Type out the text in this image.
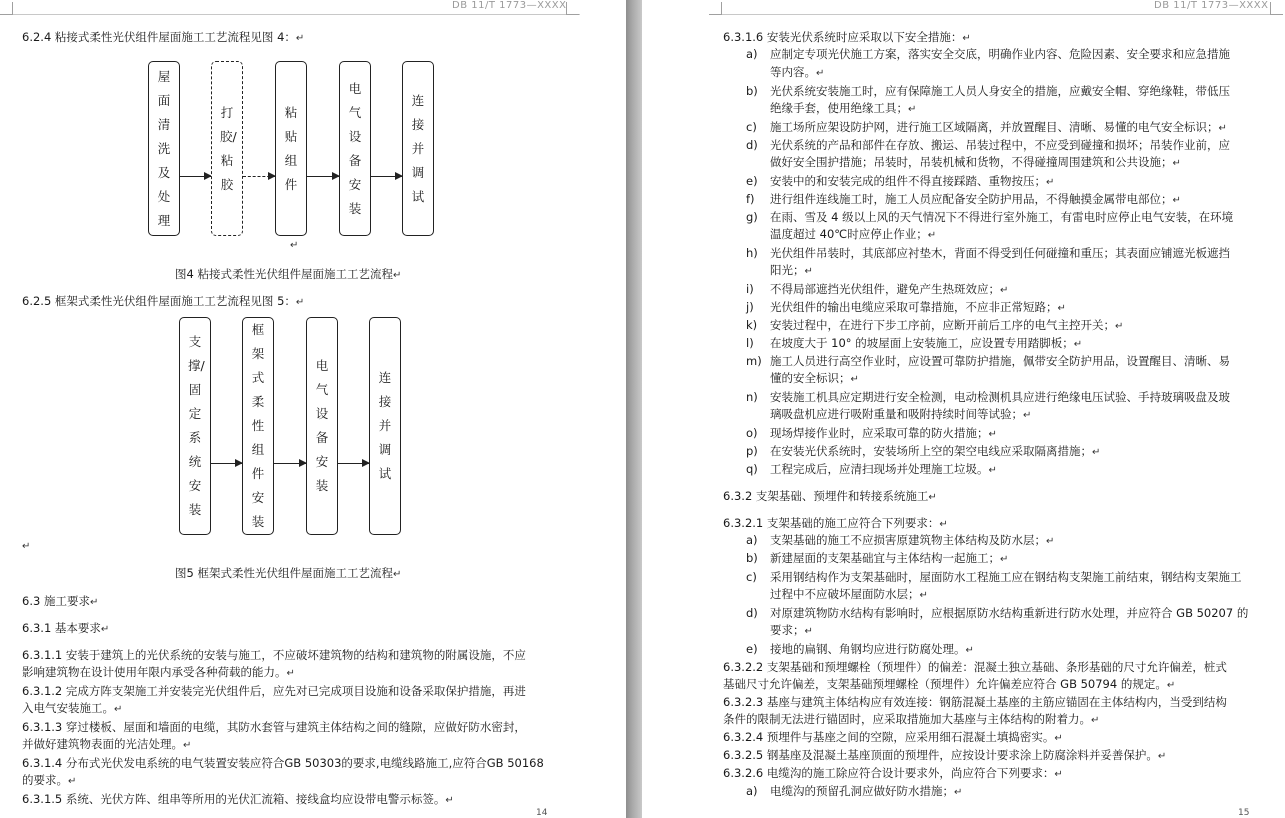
DB 11/T 1773—XXXX
6.2.4 粘接式柔性光伏组件屋面施工工艺流程见图 4：↵
屋面清洗及处理
打胶/粘胶
粘贴组件
电气设备安装
连接并调试
↵
图4 粘接式柔性光伏组件屋面施工工艺流程↵
6.2.5 框架式柔性光伏组件屋面施工工艺流程见图 5：↵
支撑/固定系统安装
框架式柔性组件安装
电气设备安装
连接并调试
↵
图5 框架式柔性光伏组件屋面施工工艺流程↵
6.3 施工要求↵
6.3.1 基本要求↵
6.3.1.1 安装于建筑上的光伏系统的安装与施工，不应破坏建筑物的结构和建筑物的附属设施，不应
影响建筑物在设计使用年限内承受各种荷载的能力。↵
6.3.1.2 完成方阵支架施工并安装完光伏组件后，应先对已完成项目设施和设备采取保护措施，再进
入电气安装施工。↵
6.3.1.3 穿过楼板、屋面和墙面的电缆，其防水套管与建筑主体结构之间的缝隙，应做好防水密封，
并做好建筑物表面的光洁处理。↵
6.3.1.4 分布式光伏发电系统的电气装置安装应符合GB 50303的要求,电缆线路施工,应符合GB 50168
的要求。↵
6.3.1.5 系统、光伏方阵、组串等所用的光伏汇流箱、接线盒均应设带电警示标签。↵
14
DB 11/T 1773—XXXX
6.3.1.6 安装光伏系统时应采取以下安全措施：↵
a) 应制定专项光伏施工方案，落实安全交底，明确作业内容、危险因素、安全要求和应急措施
等内容。↵
b) 光伏系统安装施工时，应有保障施工人员人身安全的措施，应戴安全帽、穿绝缘鞋，带低压
绝缘手套，使用绝缘工具；↵
c) 施工场所应架设防护网，进行施工区域隔离，并放置醒目、清晰、易懂的电气安全标识；↵
d) 光伏系统的产品和部件在存放、搬运、吊装过程中，不应受到碰撞和损坏；吊装作业前，应
做好安全围护措施；吊装时，吊装机械和货物，不得碰撞周围建筑和公共设施；↵
e) 安装中的和安装完成的组件不得直接踩踏、重物按压；↵
f) 进行组件连线施工时，施工人员应配备安全防护用品，不得触摸金属带电部位；↵
g) 在雨、雪及 4 级以上风的天气情况下不得进行室外施工，有雷电时应停止电气安装，在环境
温度超过 40℃时应停止作业；↵
h) 光伏组件吊装时，其底部应衬垫木，背面不得受到任何碰撞和重压；其表面应铺遮光板遮挡
阳光；↵
i) 不得局部遮挡光伏组件，避免产生热斑效应；↵
j) 光伏组件的输出电缆应采取可靠措施，不应非正常短路；↵
k) 安装过程中，在进行下步工序前，应断开前后工序的电气主控开关；↵
l) 在坡度大于 10° 的坡屋面上安装施工，应设置专用踏脚板；↵
m) 施工人员进行高空作业时，应设置可靠防护措施，佩带安全防护用品，设置醒目、清晰、易
懂的安全标识；↵
n) 安装施工机具应定期进行安全检测，电动检测机具应进行绝缘电压试验、手持玻璃吸盘及玻
璃吸盘机应进行吸附重量和吸附持续时间等试验；↵
o) 现场焊接作业时，应采取可靠的防火措施；↵
p) 在安装光伏系统时，安装场所上空的架空电线应采取隔离措施；↵
q) 工程完成后，应清扫现场并处理施工垃圾。↵
6.3.2 支架基础、预埋件和转接系统施工↵
6.3.2.1 支架基础的施工应符合下列要求：↵
a) 支架基础的施工不应损害原建筑物主体结构及防水层；↵
b) 新建屋面的支架基础宜与主体结构一起施工；↵
c) 采用钢结构作为支架基础时，屋面防水工程施工应在钢结构支架施工前结束，钢结构支架施工
过程中不应破坏屋面防水层；↵
d) 对原建筑物防水结构有影响时，应根据原防水结构重新进行防水处理，并应符合 GB 50207 的
要求；↵
e) 接地的扁钢、角钢均应进行防腐处理。↵
6.3.2.2 支架基础和预埋螺栓（预埋件）的偏差：混凝土独立基础、条形基础的尺寸允许偏差，桩式
基础尺寸允许偏差，支架基础预埋螺栓（预埋件）允许偏差应符合 GB 50794 的规定。↵
6.3.2.3 基座与建筑主体结构应有效连接：钢筋混凝土基座的主筋应锚固在主体结构内，当受到结构
条件的限制无法进行锚固时，应采取措施加大基座与主体结构的附着力。↵
6.3.2.4 预埋件与基座之间的空隙，应采用细石混凝土填捣密实。↵
6.3.2.5 钢基座及混凝土基座顶面的预埋件，应按设计要求涂上防腐涂料并妥善保护。↵
6.3.2.6 电缆沟的施工除应符合设计要求外，尚应符合下列要求：↵
a) 电缆沟的预留孔洞应做好防水措施；↵
15
